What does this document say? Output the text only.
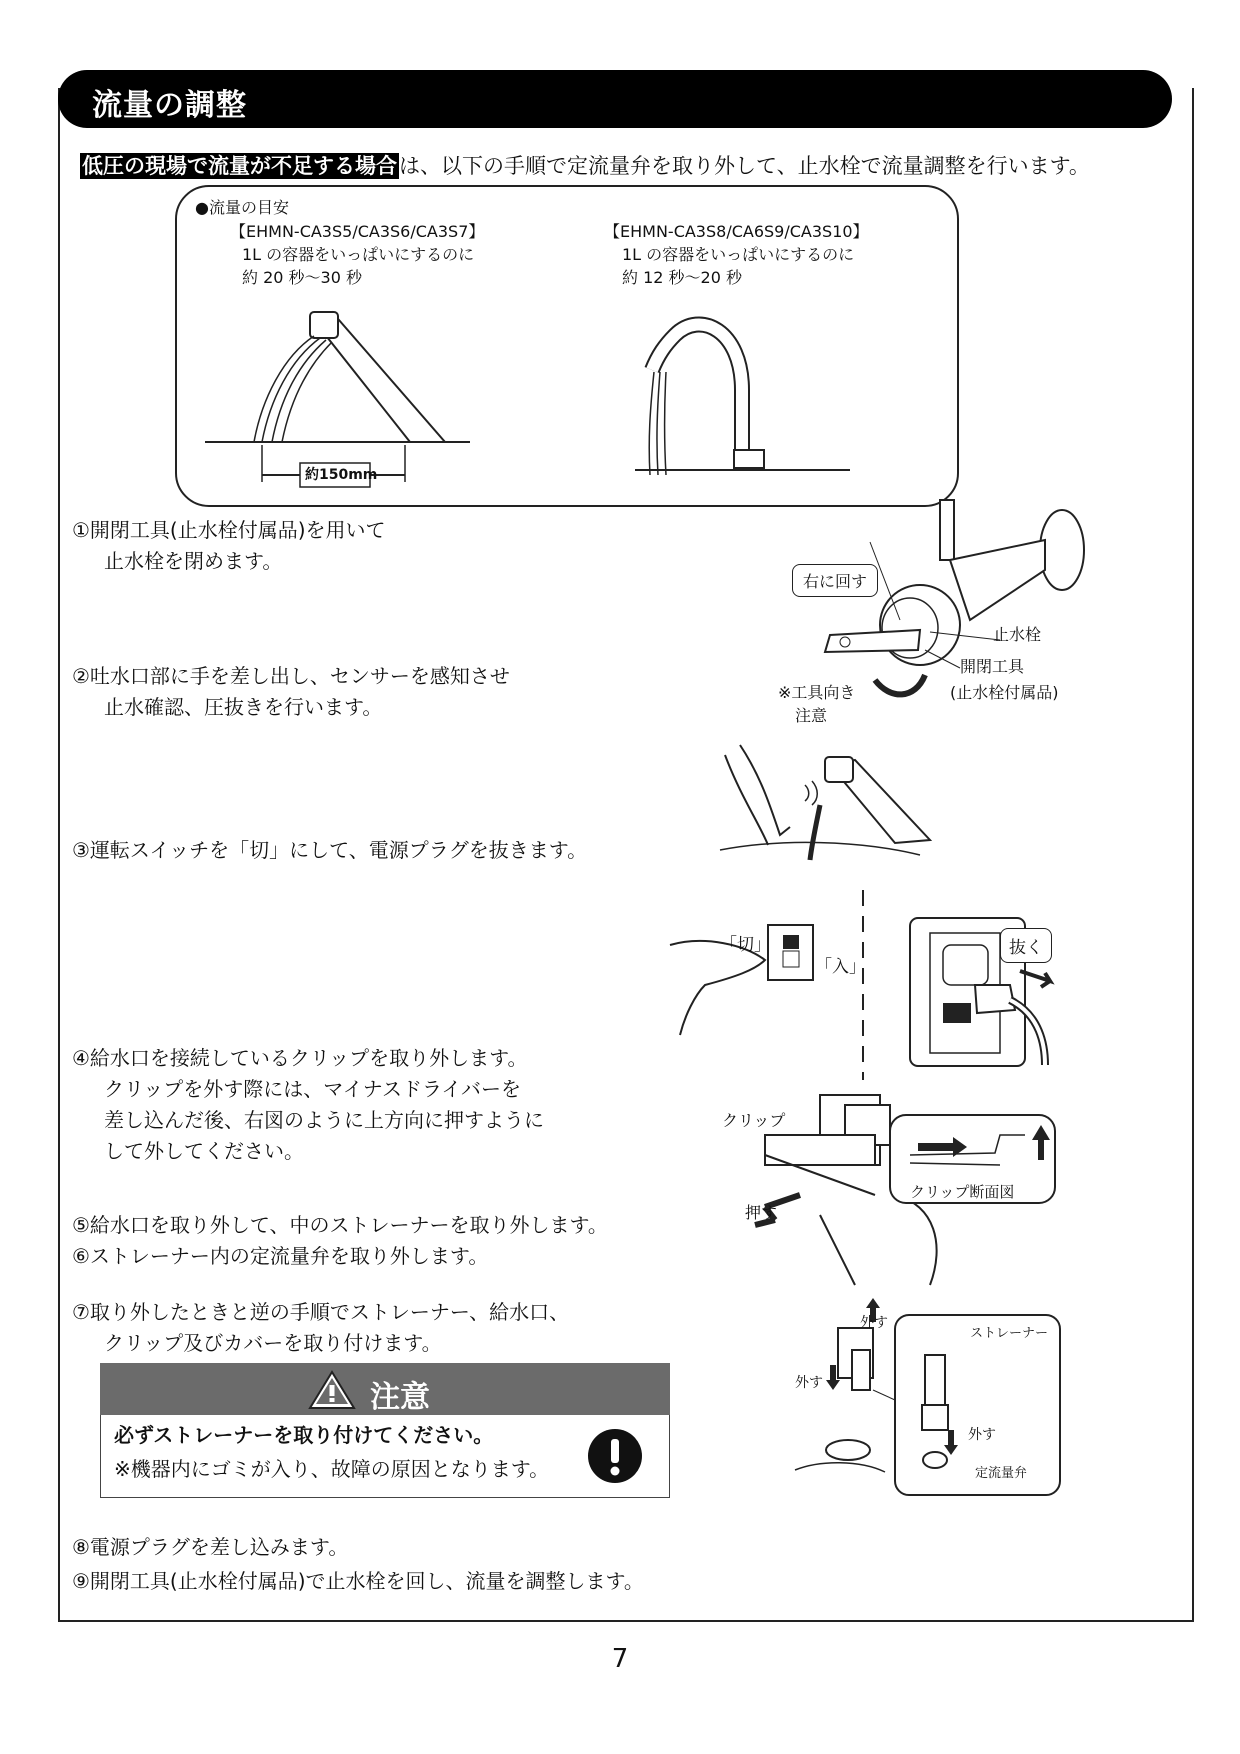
流量の調整
低圧の現場で流量が不足する場合は、以下の手順で定流量弁を取り外して、止水栓で流量調整を行います。
●流量の目安
【EHMN-CA3S5/CA3S6/CA3S7】
1L の容器をいっぱいにするのに
約 20 秒～30 秒
【EHMN-CA3S8/CA6S9/CA3S10】
1L の容器をいっぱいにするのに
約 12 秒～20 秒
約150mm
①開閉工具(止水栓付属品)を用いて
止水栓を閉めます。
②吐水口部に手を差し出し、センサーを感知させ
止水確認、圧抜きを行います。
③運転スイッチを「切」にして、電源プラグを抜きます。
④給水口を接続しているクリップを取り外します。
クリップを外す際には、マイナスドライバーを
差し込んだ後、右図のように上方向に押すように
して外してください。
⑤給水口を取り外して、中のストレーナーを取り外します。
⑥ストレーナー内の定流量弁を取り外します。
⑦取り外したときと逆の手順でストレーナー、給水口、
クリップ及びカバーを取り付けます。
⑧電源プラグを差し込みます。
⑨開閉工具(止水栓付属品)で止水栓を回し、流量を調整します。
右に回す
止水栓
開閉工具
(止水栓付属品)
※工具向き
注意
「切」
「入」
抜く
クリップ
押す
クリップ断面図
外す
外す
外す
ストレーナー
定流量弁
注意
必ずストレーナーを取り付けてください。
※機器内にゴミが入り、故障の原因となります。
7
